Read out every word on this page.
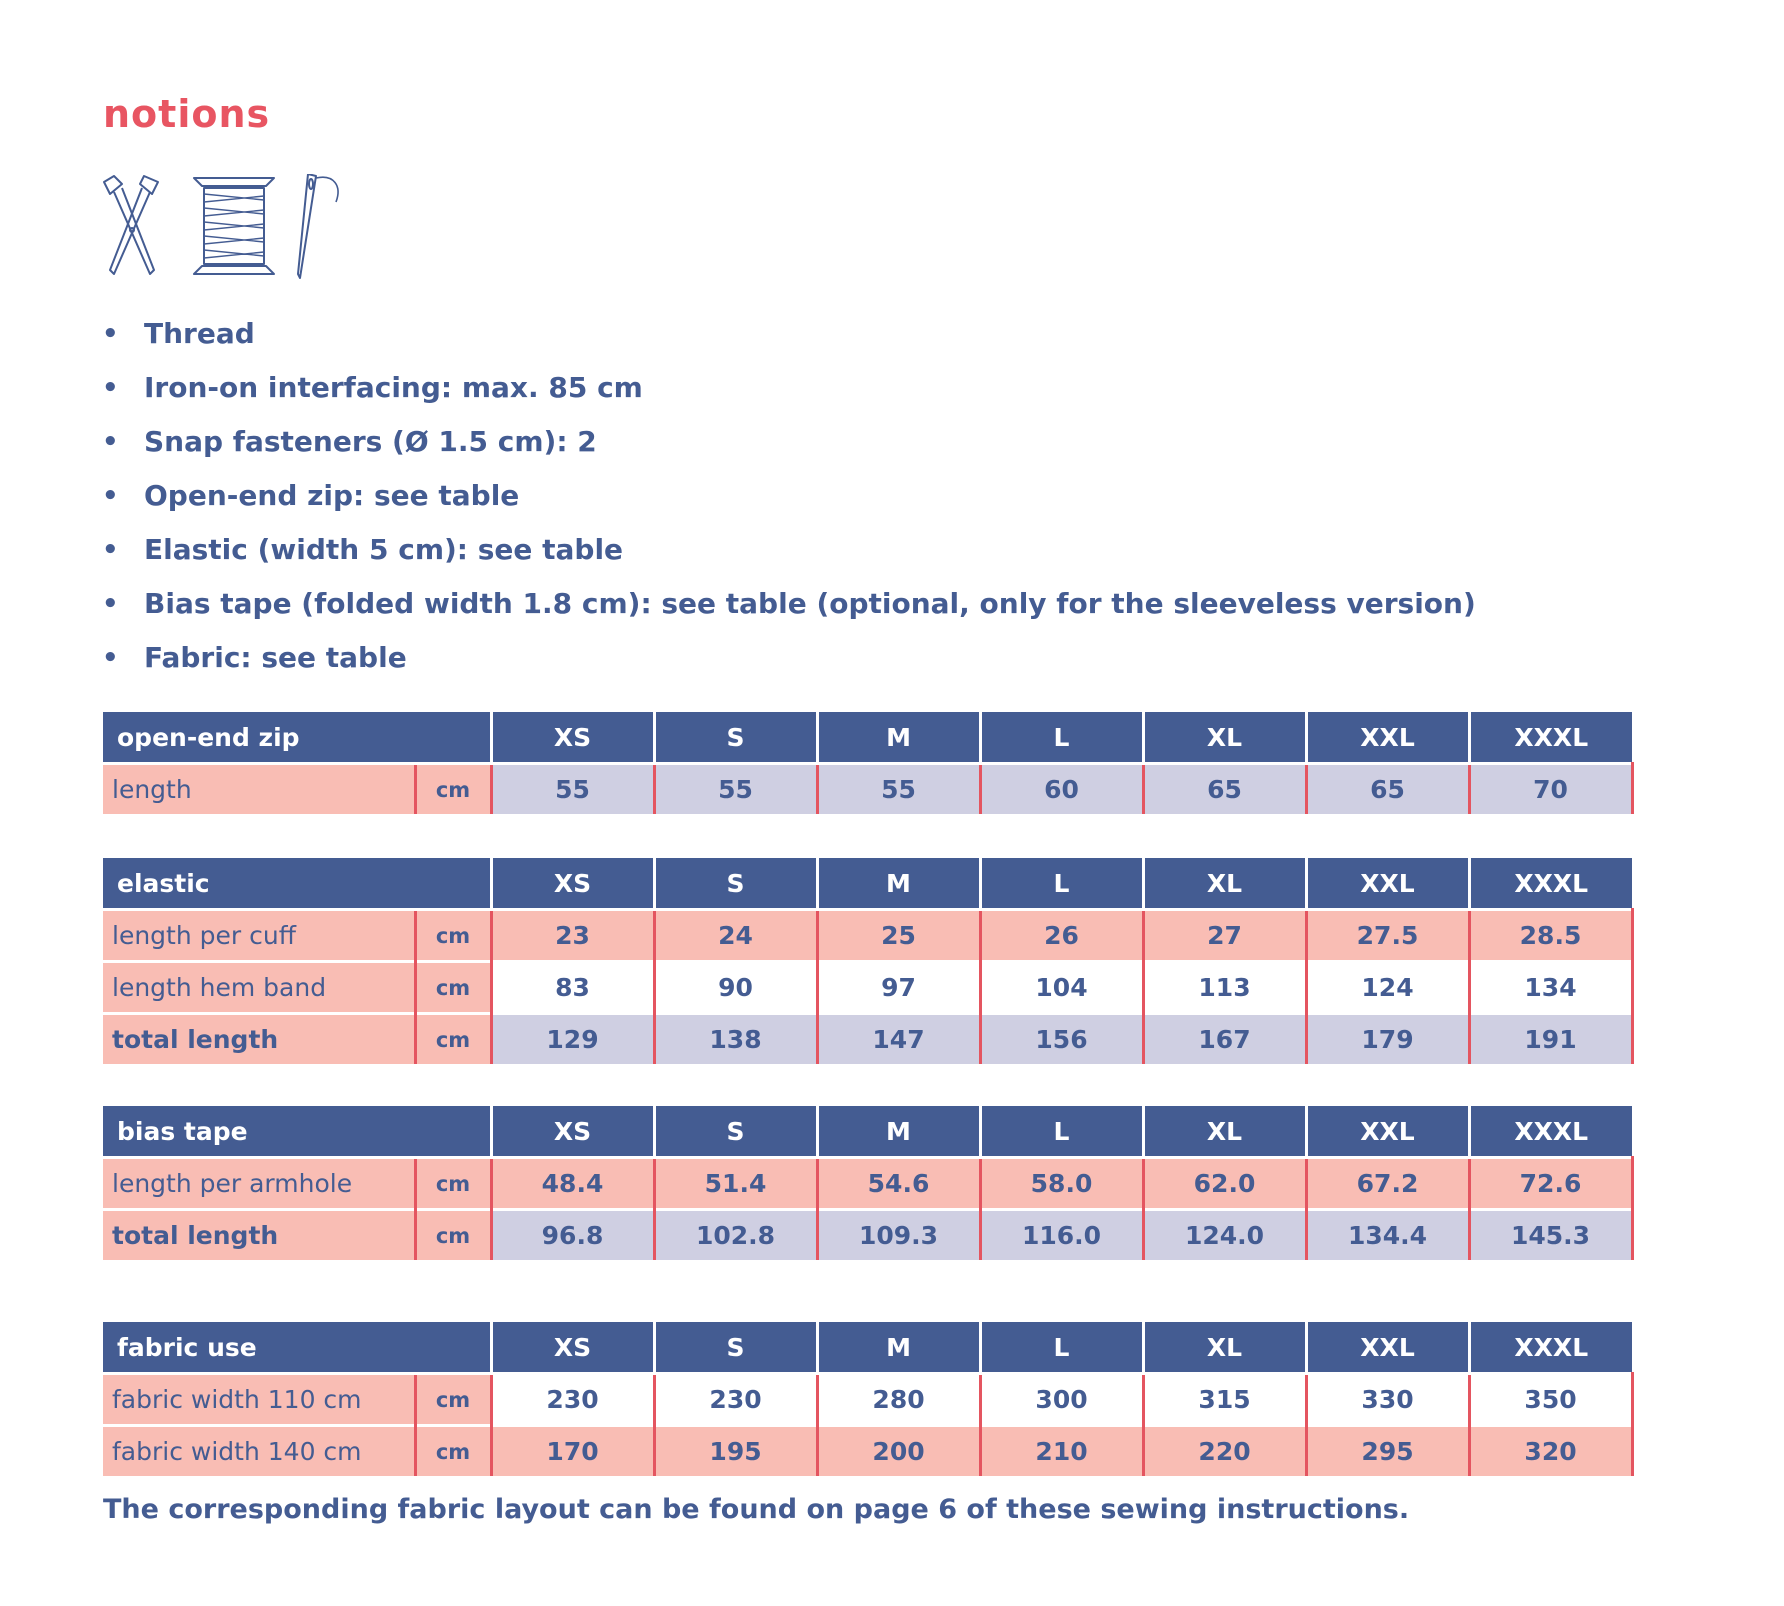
notions
• Thread
• Iron-on interfacing: max. 85 cm
• Snap fasteners (Ø 1.5 cm): 2
• Open-end zip: see table
• Elastic (width 5 cm): see table
• Bias tape (folded width 1.8 cm): see table (optional, only for the sleeveless version)
• Fabric: see table
open-end zip		XS	S	M	L	XL	XXL	XXXL
length	cm	55	55	55	60	65	65	70
elastic		XS	S	M	L	XL	XXL	XXXL
length per cuff	cm	23	24	25	26	27	27.5	28.5
length hem band	cm	83	90	97	104	113	124	134
total length	cm	129	138	147	156	167	179	191
bias tape		XS	S	M	L	XL	XXL	XXXL
length per armhole	cm	48.4	51.4	54.6	58.0	62.0	67.2	72.6
total length	cm	96.8	102.8	109.3	116.0	124.0	134.4	145.3
fabric use		XS	S	M	L	XL	XXL	XXXL
fabric width 110 cm	cm	230	230	280	300	315	330	350
fabric width 140 cm	cm	170	195	200	210	220	295	320

The corresponding fabric layout can be found on page 6 of these sewing instructions.
